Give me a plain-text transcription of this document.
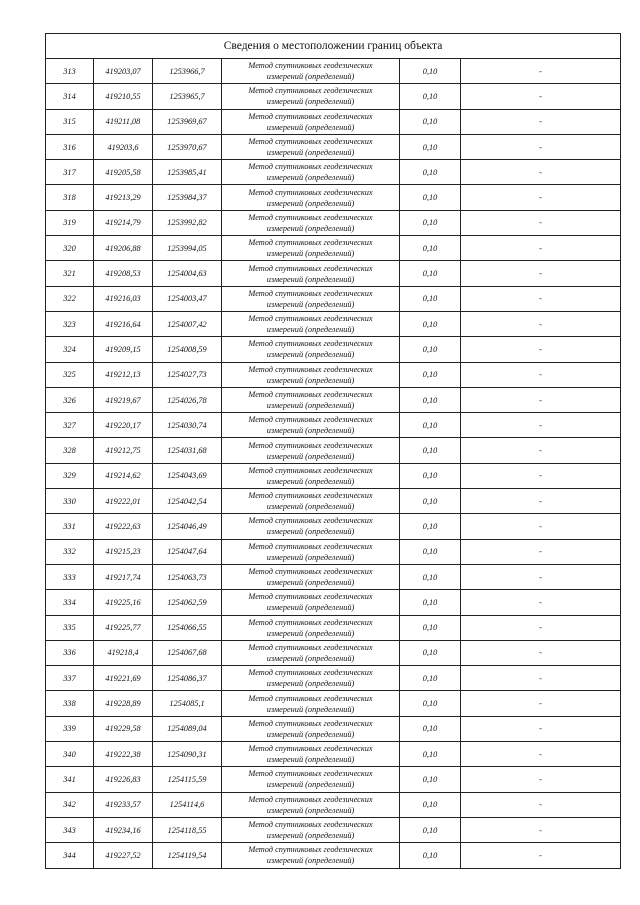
Сведения о местоположении границ объекта					
313	419203,07	1253966,7	Метод спутниковых геодезических
измерений (определений)	0,10	-
314	419210,55	1253965,7	Метод спутниковых геодезических
измерений (определений)	0,10	-
315	419211,08	1253969,67	Метод спутниковых геодезических
измерений (определений)	0,10	-
316	419203,6	1253970,67	Метод спутниковых геодезических
измерений (определений)	0,10	-
317	419205,58	1253985,41	Метод спутниковых геодезических
измерений (определений)	0,10	-
318	419213,29	1253984,37	Метод спутниковых геодезических
измерений (определений)	0,10	-
319	419214,79	1253992,82	Метод спутниковых геодезических
измерений (определений)	0,10	-
320	419206,88	1253994,05	Метод спутниковых геодезических
измерений (определений)	0,10	-
321	419208,53	1254004,63	Метод спутниковых геодезических
измерений (определений)	0,10	-
322	419216,03	1254003,47	Метод спутниковых геодезических
измерений (определений)	0,10	-
323	419216,64	1254007,42	Метод спутниковых геодезических
измерений (определений)	0,10	-
324	419209,15	1254008,59	Метод спутниковых геодезических
измерений (определений)	0,10	-
325	419212,13	1254027,73	Метод спутниковых геодезических
измерений (определений)	0,10	-
326	419219,67	1254026,78	Метод спутниковых геодезических
измерений (определений)	0,10	-
327	419220,17	1254030,74	Метод спутниковых геодезических
измерений (определений)	0,10	-
328	419212,75	1254031,68	Метод спутниковых геодезических
измерений (определений)	0,10	-
329	419214,62	1254043,69	Метод спутниковых геодезических
измерений (определений)	0,10	-
330	419222,01	1254042,54	Метод спутниковых геодезических
измерений (определений)	0,10	-
331	419222,63	1254046,49	Метод спутниковых геодезических
измерений (определений)	0,10	-
332	419215,23	1254047,64	Метод спутниковых геодезических
измерений (определений)	0,10	-
333	419217,74	1254063,73	Метод спутниковых геодезических
измерений (определений)	0,10	-
334	419225,16	1254062,59	Метод спутниковых геодезических
измерений (определений)	0,10	-
335	419225,77	1254066,55	Метод спутниковых геодезических
измерений (определений)	0,10	-
336	419218,4	1254067,68	Метод спутниковых геодезических
измерений (определений)	0,10	-
337	419221,69	1254086,37	Метод спутниковых геодезических
измерений (определений)	0,10	-
338	419228,89	1254085,1	Метод спутниковых геодезических
измерений (определений)	0,10	-
339	419229,58	1254089,04	Метод спутниковых геодезических
измерений (определений)	0,10	-
340	419222,38	1254090,31	Метод спутниковых геодезических
измерений (определений)	0,10	-
341	419226,83	1254115,59	Метод спутниковых геодезических
измерений (определений)	0,10	-
342	419233,57	1254114,6	Метод спутниковых геодезических
измерений (определений)	0,10	-
343	419234,16	1254118,55	Метод спутниковых геодезических
измерений (определений)	0,10	-
344	419227,52	1254119,54	Метод спутниковых геодезических
измерений (определений)	0,10	-
